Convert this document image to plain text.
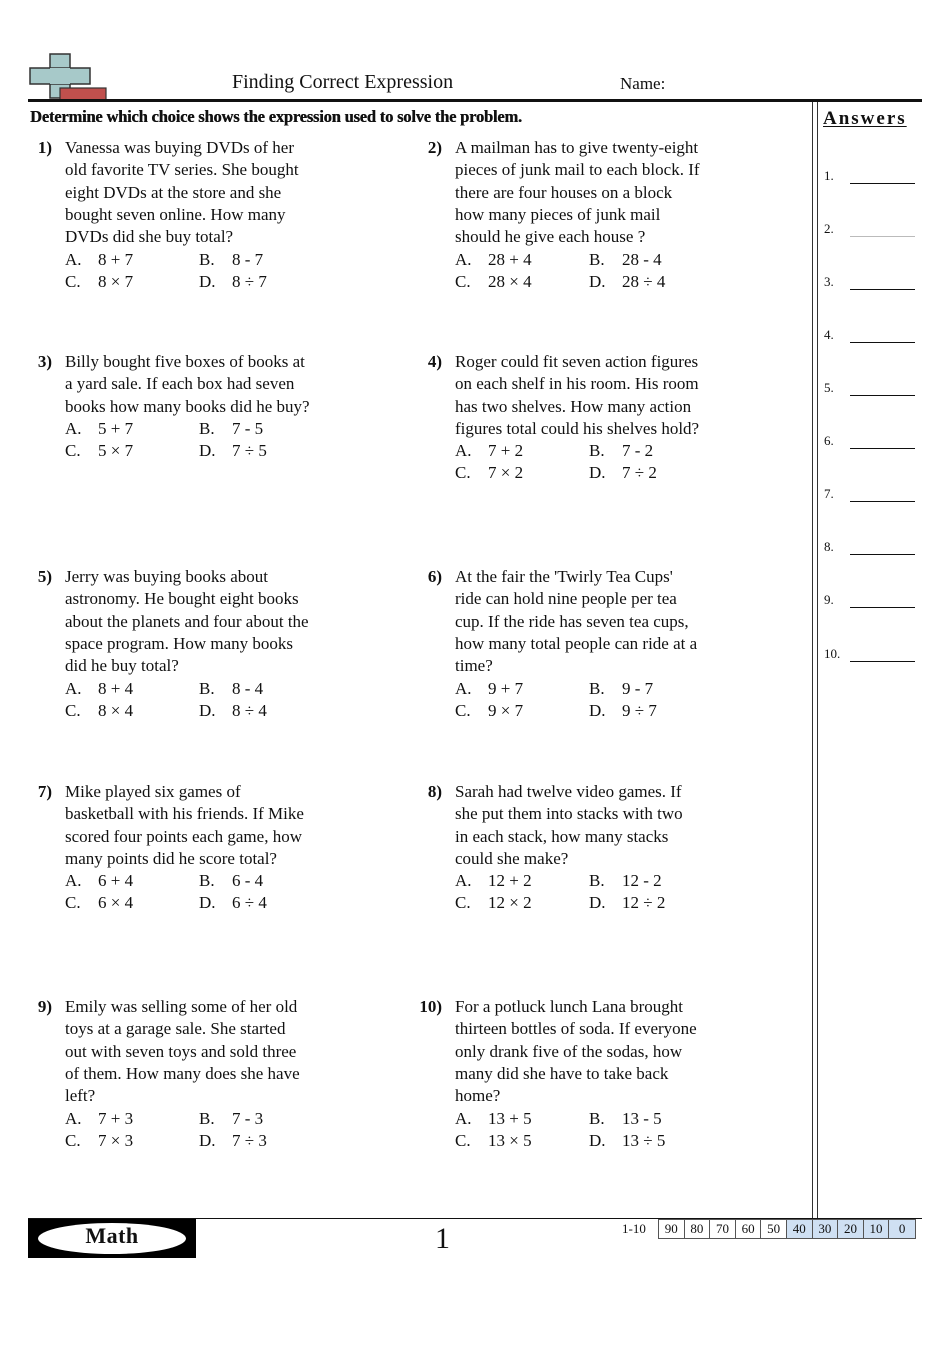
Finding Correct Expression	Name:
Determine which choice shows the expression used to solve the problem.	Answers
1.
2.
3.
4.
5.
6.
7.
8.
9.
10.
1) Vanessa was buying DVDs of her
old favorite TV series. She bought
eight DVDs at the store and she
bought seven online. How many
DVDs did she buy total?
A. 8 + 7	B. 8 - 7
C. 8 × 7	D. 8 ÷ 7
2) A mailman has to give twenty-eight
pieces of junk mail to each block. If
there are four houses on a block
how many pieces of junk mail
should he give each house ?
A. 28 + 4	B. 28 - 4
C. 28 × 4	D. 28 ÷ 4
3) Billy bought five boxes of books at
a yard sale. If each box had seven
books how many books did he buy?
A. 5 + 7	B. 7 - 5
C. 5 × 7	D. 7 ÷ 5
4) Roger could fit seven action figures
on each shelf in his room. His room
has two shelves. How many action
figures total could his shelves hold?
A. 7 + 2	B. 7 - 2
C. 7 × 2	D. 7 ÷ 2
5) Jerry was buying books about
astronomy. He bought eight books
about the planets and four about the
space program. How many books
did he buy total?
A. 8 + 4	B. 8 - 4
C. 8 × 4	D. 8 ÷ 4
6) At the fair the 'Twirly Tea Cups'
ride can hold nine people per tea
cup. If the ride has seven tea cups,
how many total people can ride at a
time?
A. 9 + 7	B. 9 - 7
C. 9 × 7	D. 9 ÷ 7
7) Mike played six games of
basketball with his friends. If Mike
scored four points each game, how
many points did he score total?
A. 6 + 4	B. 6 - 4
C. 6 × 4	D. 6 ÷ 4
8) Sarah had twelve video games. If
she put them into stacks with two
in each stack, how many stacks
could she make?
A. 12 + 2	B. 12 - 2
C. 12 × 2	D. 12 ÷ 2
9) Emily was selling some of her old
toys at a garage sale. She started
out with seven toys and sold three
of them. How many does she have
left?
A. 7 + 3	B. 7 - 3
C. 7 × 3	D. 7 ÷ 3
10) For a potluck lunch Lana brought
thirteen bottles of soda. If everyone
only drank five of the sodas, how
many did she have to take back
home?
A. 13 + 5	B. 13 - 5
C. 13 × 5	D. 13 ÷ 5
Math	1	1-10	90 80 70 60 50 40 30 20 10	0
